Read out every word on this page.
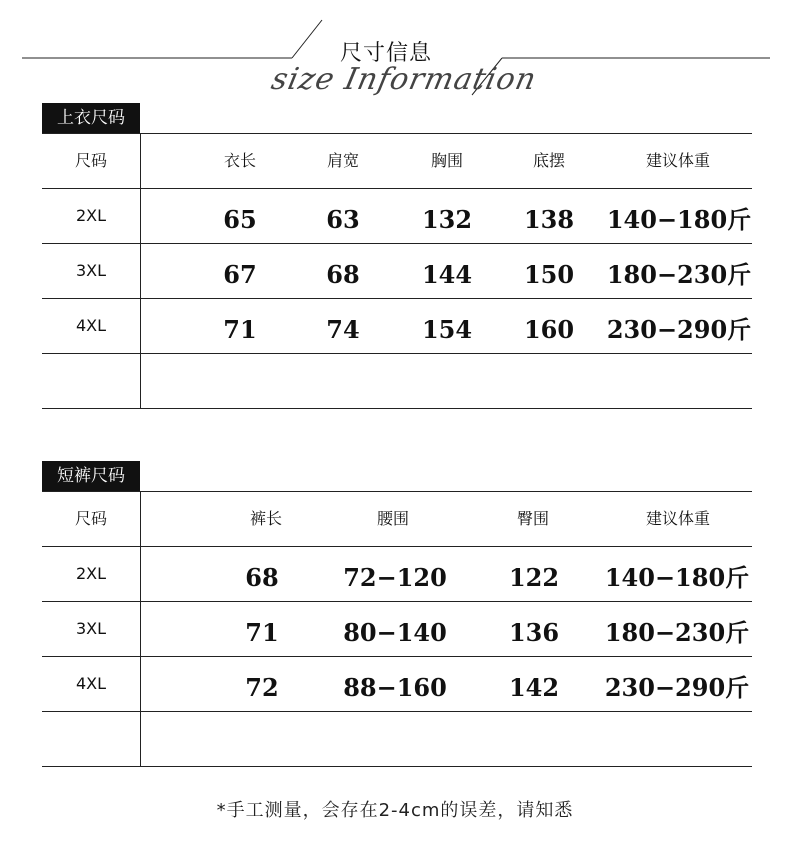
尺寸信息
size Information
上衣尺码
尺码	衣长	肩宽	胸围	底摆	建议体重
2XL	65	63	132	138	140−180斤
3XL	67	68	144	150	180−230斤
4XL	71	74	154	160	230−290斤
短裤尺码
尺码	裤长	腰围	臀围	建议体重
2XL	68	72−120	122	140−180斤
3XL	71	80−140	136	180−230斤
4XL	72	88−160	142	230−290斤
*手工测量，会存在2-4cm的误差，请知悉
